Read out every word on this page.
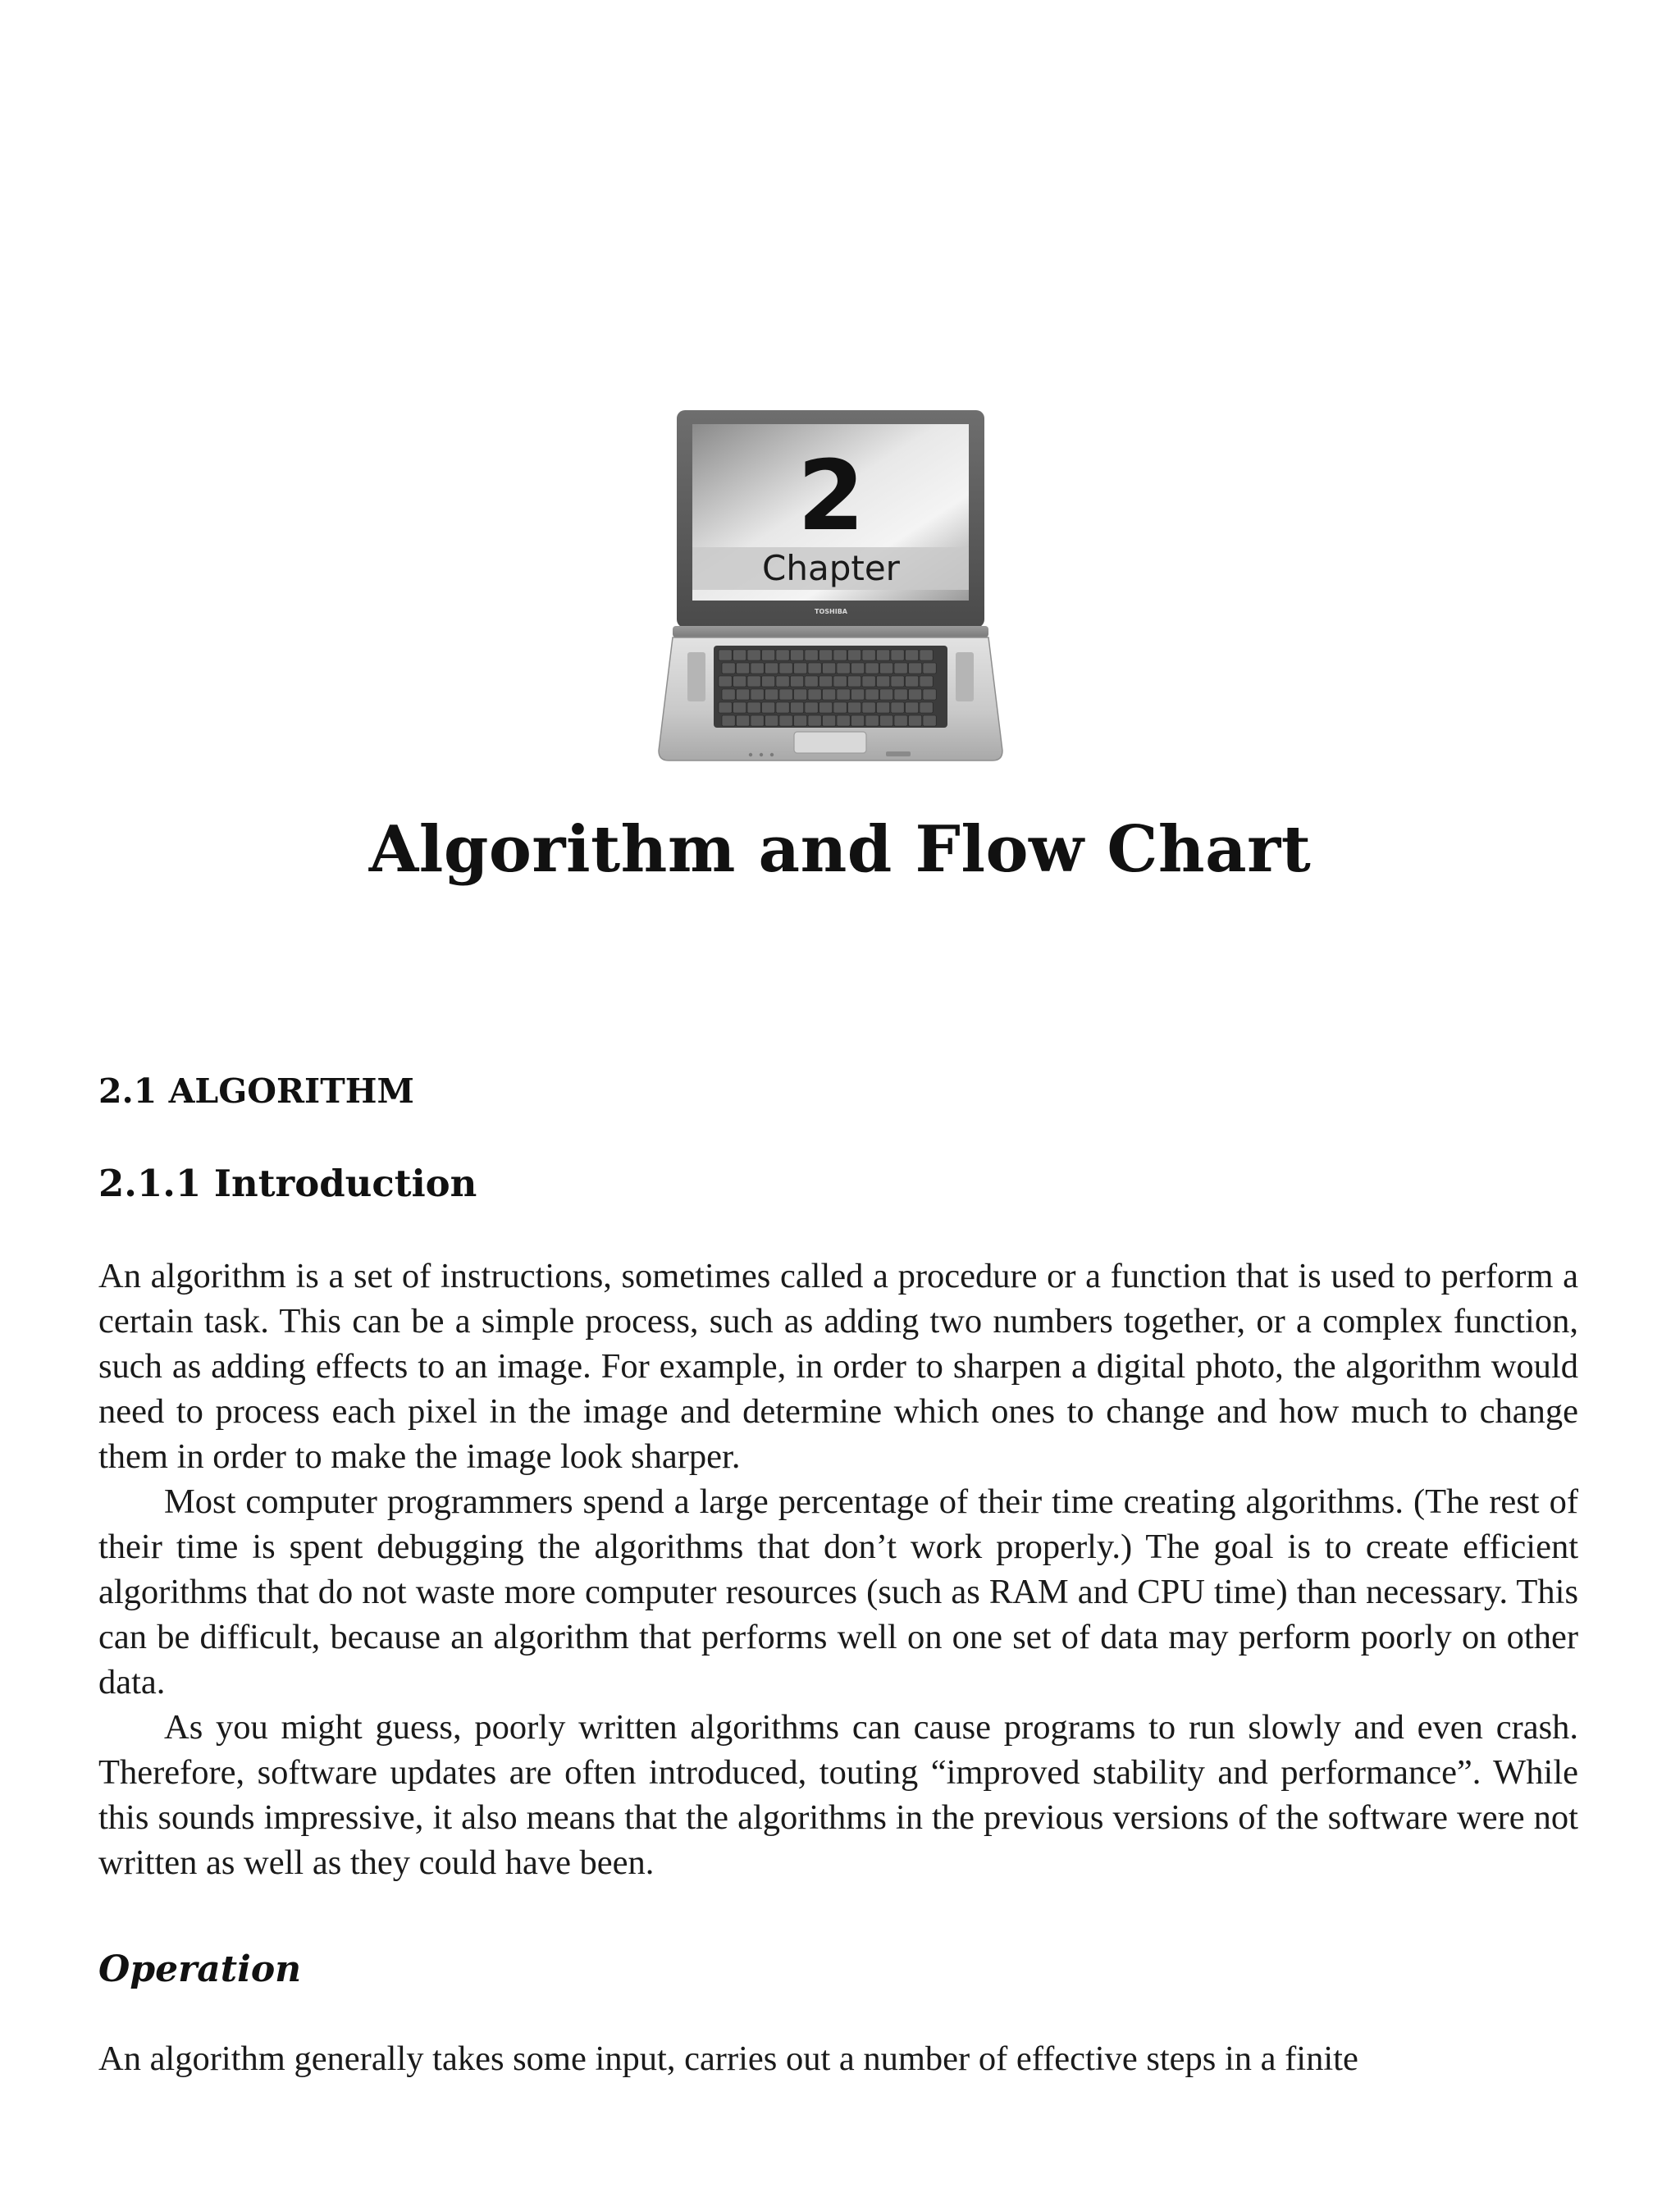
2
Chapter
TOSHIBA
Algorithm and Flow Chart
2.1 ALGORITHM
2.1.1 Introduction

An algorithm is a set of instructions, sometimes called a procedure or a function that is used to perform a certain task. This can be a simple process, such as adding two numbers together, or a complex function, such as adding effects to an image. For example, in order to sharpen a digital photo, the algorithm would need to process each pixel in the image and determine which ones to change and how much to change them in order to make the image look sharper.

Most computer programmers spend a large percentage of their time creating algorithms. (The rest of their time is spent debugging the algorithms that don’t work properly.) The goal is to create efficient algorithms that do not waste more computer resources (such as RAM and CPU time) than necessary. This can be difficult, because an algorithm that performs well on one set of data may perform poorly on other data.

As you might guess, poorly written algorithms can cause programs to run slowly and even crash. Therefore, software updates are often introduced, touting “improved stability and performance”. While this sounds impressive, it also means that the algorithms in the previous versions of the software were not written as well as they could have been.

Operation

An algorithm generally takes some input, carries out a number of effective steps in a finite
